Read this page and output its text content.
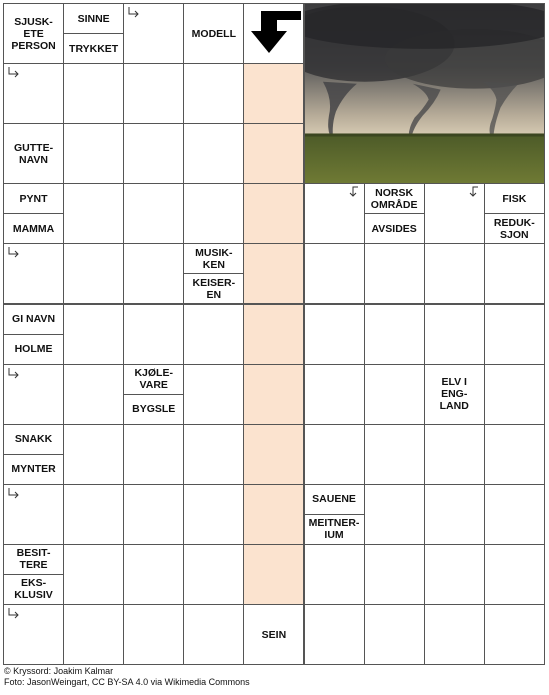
SJUSK-
ETE
PERSON
SINNE
TRYKKET
MODELL
GUTTE-
NAVN
PYNT
MAMMA
NORSK
OMRÅDE
AVSIDES
FISK
REDUK-
SJON
MUSIK-
KEN
KEISER-
EN
GI NAVN
HOLME
KJØLE-
VARE
BYGSLE
ELV I
ENG-
LAND
SNAKK
MYNTER
SAUENE
MEITNER-
IUM
BESIT-
TERE
EKS-
KLUSIV
SEIN
© Kryssord: Joakim Kalmar
Foto: JasonWeingart, CC BY-SA 4.0 via Wikimedia Commons
